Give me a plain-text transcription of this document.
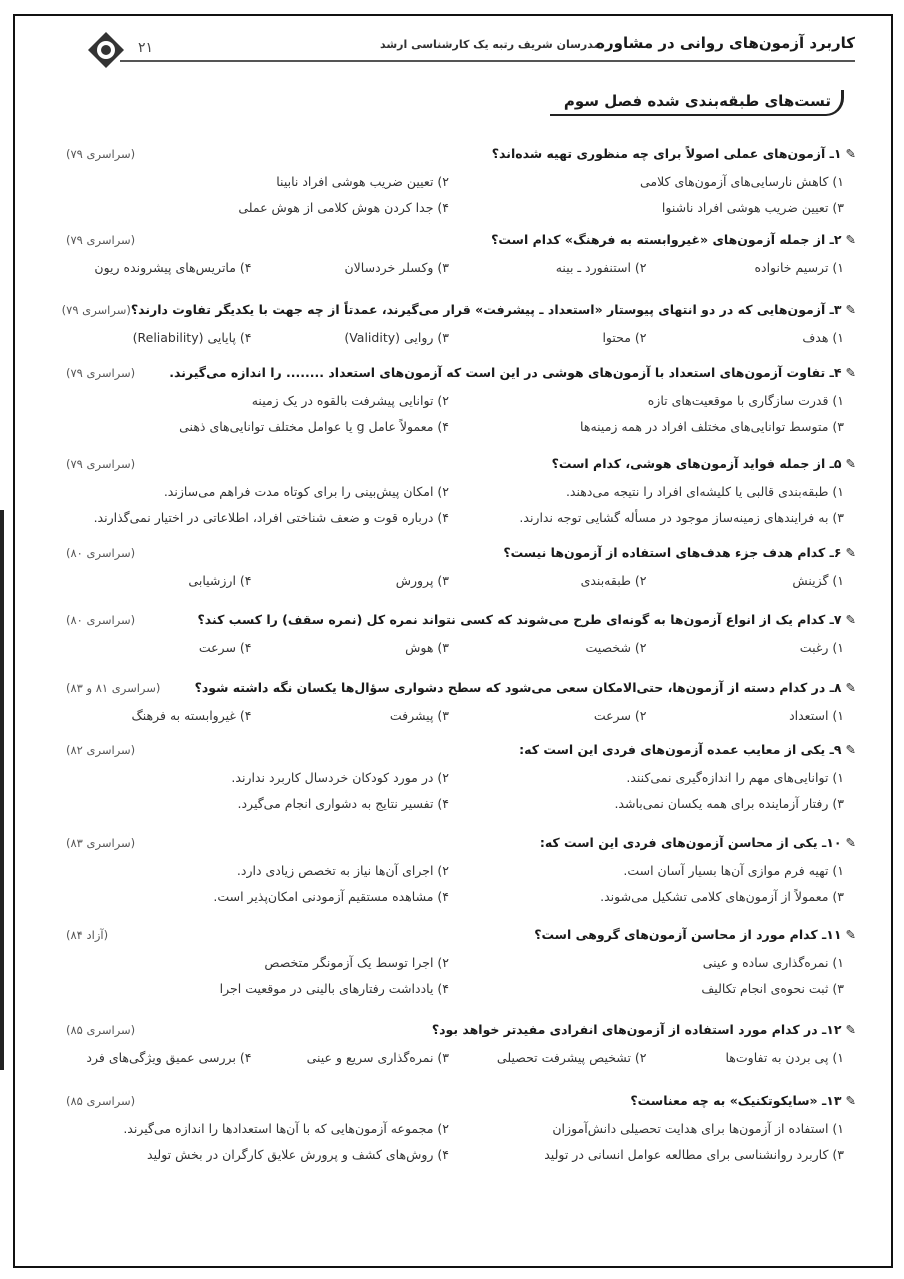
۲۱	مدرسان شریف رتبه یک کارشناسی ارشد
کاربرد آزمون‌های روانی در مشاوره
تست‌های طبقه‌بندی شده فصل سوم
✎۱ـ آزمون‌های عملی اصولاً برای چه منظوری تهیه شده‌اند؟
(سراسری ۷۹)
۱) کاهش نارسایی‌های آزمون‌های کلامی
۲) تعیین ضریب هوشی افراد نابینا
۳) تعیین ضریب هوشی افراد ناشنوا
۴) جدا کردن هوش کلامی از هوش عملی
✎۲ـ از جمله آزمون‌های «غیروابسته به فرهنگ» کدام است؟
(سراسری ۷۹)
۱) ترسیم خانواده
۲) استنفورد ـ بینه
۳) وکسلر خردسالان
۴) ماتریس‌های پیشرونده ریون
✎۳ـ آزمون‌هایی که در دو انتهای پیوستار «استعداد ـ پیشرفت» قرار می‌گیرند، عمدتاً از چه جهت با یکدیگر تفاوت دارند؟
(سراسری ۷۹)
۱) هدف
۲) محتوا
۳) روایی (Validity)
۴) پایایی (Reliability)
✎۴ـ تفاوت آزمون‌های استعداد با آزمون‌های هوشی در این است که آزمون‌های استعداد ........ را اندازه می‌گیرند.
(سراسری ۷۹)
۱) قدرت سازگاری با موقعیت‌های تازه
۲) توانایی پیشرفت بالقوه در یک زمینه
۳) متوسط توانایی‌های مختلف افراد در همه زمینه‌ها
۴) معمولاً عامل g یا عوامل مختلف توانایی‌های ذهنی
✎۵ـ از جمله فواید آزمون‌های هوشی، کدام است؟
(سراسری ۷۹)
۱) طبقه‌بندی قالبی یا کلیشه‌ای افراد را نتیجه می‌دهند.
۲) امکان پیش‌بینی را برای کوتاه مدت فراهم می‌سازند.
۳) به فرایندهای زمینه‌ساز موجود در مسأله گشایی توجه ندارند.
۴) درباره قوت و ضعف شناختی افراد، اطلاعاتی در اختیار نمی‌گذارند.
✎۶ـ کدام هدف جزء هدف‌های استفاده از آزمون‌ها نیست؟
(سراسری ۸۰)
۱) گزینش
۲) طبقه‌بندی
۳) پرورش
۴) ارزشیابی
✎۷ـ کدام یک از انواع آزمون‌ها به گونه‌ای طرح می‌شوند که کسی نتواند نمره کل (نمره سقف) را کسب کند؟
(سراسری ۸۰)
۱) رغبت
۲) شخصیت
۳) هوش
۴) سرعت
✎۸ـ در کدام دسته از آزمون‌ها، حتی‌الامکان سعی می‌شود که سطح دشواری سؤال‌ها یکسان نگه داشته شود؟
(سراسری ۸۱ و ۸۳)
۱) استعداد
۲) سرعت
۳) پیشرفت
۴) غیروابسته به فرهنگ
✎۹ـ یکی از معایب عمده آزمون‌های فردی این است که:
(سراسری ۸۲)
۱) توانایی‌های مهم را اندازه‌گیری نمی‌کنند.
۲) در مورد کودکان خردسال کاربرد ندارند.
۳) رفتار آزماینده برای همه یکسان نمی‌باشد.
۴) تفسیر نتایج به دشواری انجام می‌گیرد.
✎۱۰ـ یکی از محاسن آزمون‌های فردی این است که:
(سراسری ۸۳)
۱) تهیه فرم موازی آن‌ها بسیار آسان است.
۲) اجرای آن‌ها نیاز به تخصص زیادی دارد.
۳) معمولاً از آزمون‌های کلامی تشکیل می‌شوند.
۴) مشاهده مستقیم آزمودنی امکان‌پذیر است.
✎۱۱ـ کدام مورد از محاسن آزمون‌های گروهی است؟
(آزاد ۸۴)
۱) نمره‌گذاری ساده و عینی
۲) اجرا توسط یک آزمونگر متخصص
۳) ثبت نحوه‌ی انجام تکالیف
۴) یادداشت رفتارهای بالینی در موقعیت اجرا
✎۱۲ـ در کدام مورد استفاده از آزمون‌های انفرادی مفیدتر خواهد بود؟
(سراسری ۸۵)
۱) پی بردن به تفاوت‌ها
۲) تشخیص پیشرفت تحصیلی
۳) نمره‌گذاری سریع و عینی
۴) بررسی عمیق ویژگی‌های فرد
✎۱۳ـ «سایکوتکنیک» به چه معناست؟
(سراسری ۸۵)
۱) استفاده از آزمون‌ها برای هدایت تحصیلی دانش‌آموزان
۲) مجموعه آزمون‌هایی که با آن‌ها استعدادها را اندازه می‌گیرند.
۳) کاربرد روانشناسی برای مطالعه عوامل انسانی در تولید
۴) روش‌های کشف و پرورش علایق کارگران در بخش تولید
